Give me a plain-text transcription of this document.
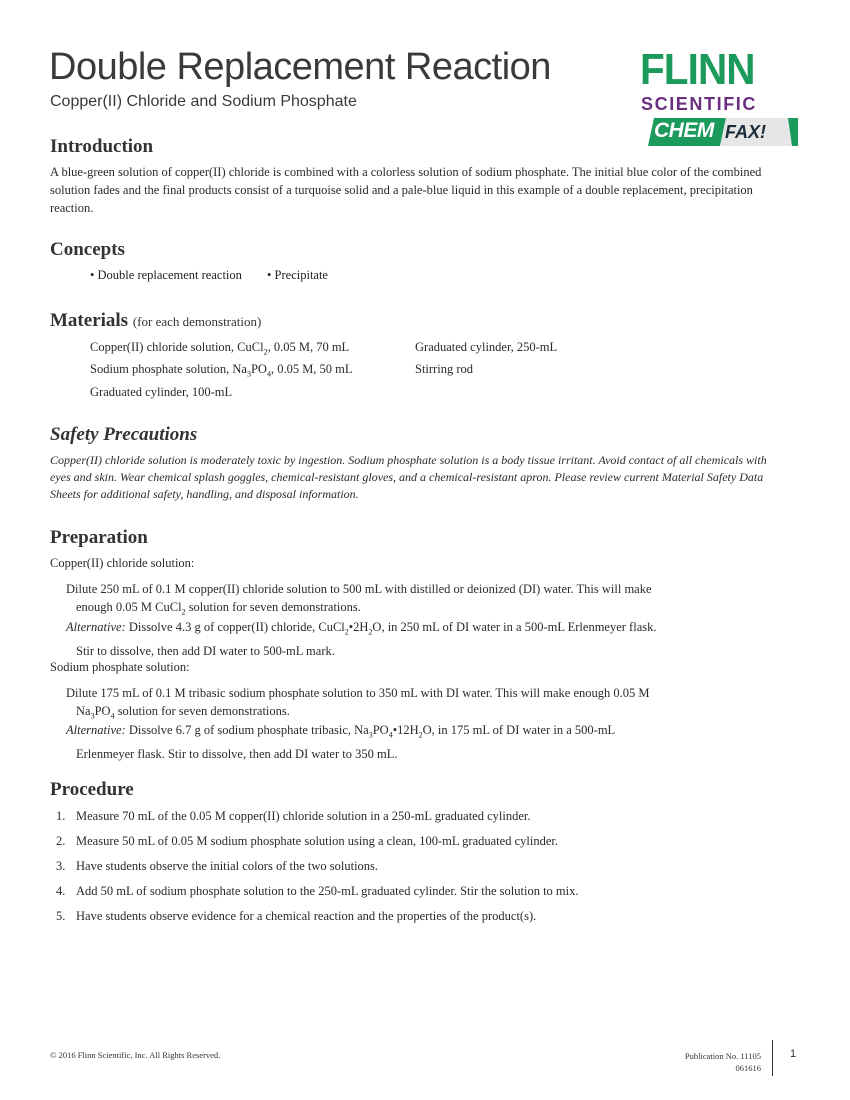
Double Replacement Reaction
Copper(II) Chloride and Sodium Phosphate
FLINN
SCIENTIFIC
CHEM FAX!
Introduction
A blue-green solution of copper(II) chloride is combined with a colorless solution of sodium phosphate. The initial blue color of the combined solution fades and the final products consist of a turquoise solid and a pale-blue liquid in this example of a double replacement, precipitation reaction.
Concepts
• Double replacement reaction • Precipitate
Materials (for each demonstration)
Copper(II) chloride solution, CuCl$_2$, 0.05 M, 70 mL
Sodium phosphate solution, $Na_3PO_4$, 0.05 M, 50 mL
Graduated cylinder, 100-mL
Graduated cylinder, 250-mL
Stirring rod
Safety Precautions
Copper(II) chloride solution is moderately toxic by ingestion. Sodium phosphate solution is a body tissue irritant. Avoid contact of all chemicals with eyes and skin. Wear chemical splash goggles, chemical-resistant gloves, and a chemical-resistant apron. Please review current Material Safety Data Sheets for additional safety, handling, and disposal information.
Preparation
Copper(II) chloride solution:
Dilute 250 mL of 0.1 M copper(II) chloride solution to 500 mL with distilled or deionized (DI) water. This will make
enough 0.05 M CuCl$_2$ solution for seven demonstrations.
Alternative: Dissolve 4.3 g of copper(II) chloride, $CuCl_2•2H_2O$, in 250 mL of DI water in a 500-mL Erlenmeyer flask.
Stir to dissolve, then add DI water to 500-mL mark.
Sodium phosphate solution:
Dilute 175 mL of 0.1 M tribasic sodium phosphate solution to 350 mL with DI water. This will make enough 0.05 M
$Na_3PO_4$ solution for seven demonstrations.
Alternative: Dissolve 6.7 g of sodium phosphate tribasic, $Na_3PO_4•12H_2O$, in 175 mL of DI water in a 500-mL
Erlenmeyer flask. Stir to dissolve, then add DI water to 350 mL.
Procedure
1. Measure 70 mL of the 0.05 M copper(II) chloride solution in a 250-mL graduated cylinder.
2. Measure 50 mL of 0.05 M sodium phosphate solution using a clean, 100-mL graduated cylinder.
3. Have students observe the initial colors of the two solutions.
4. Add 50 mL of sodium phosphate solution to the 250-mL graduated cylinder. Stir the solution to mix.
5. Have students observe evidence for a chemical reaction and the properties of the product(s).
© 2016 Flinn Scientific, Inc. All Rights Reserved.	Publication No. 11105
061616
1
